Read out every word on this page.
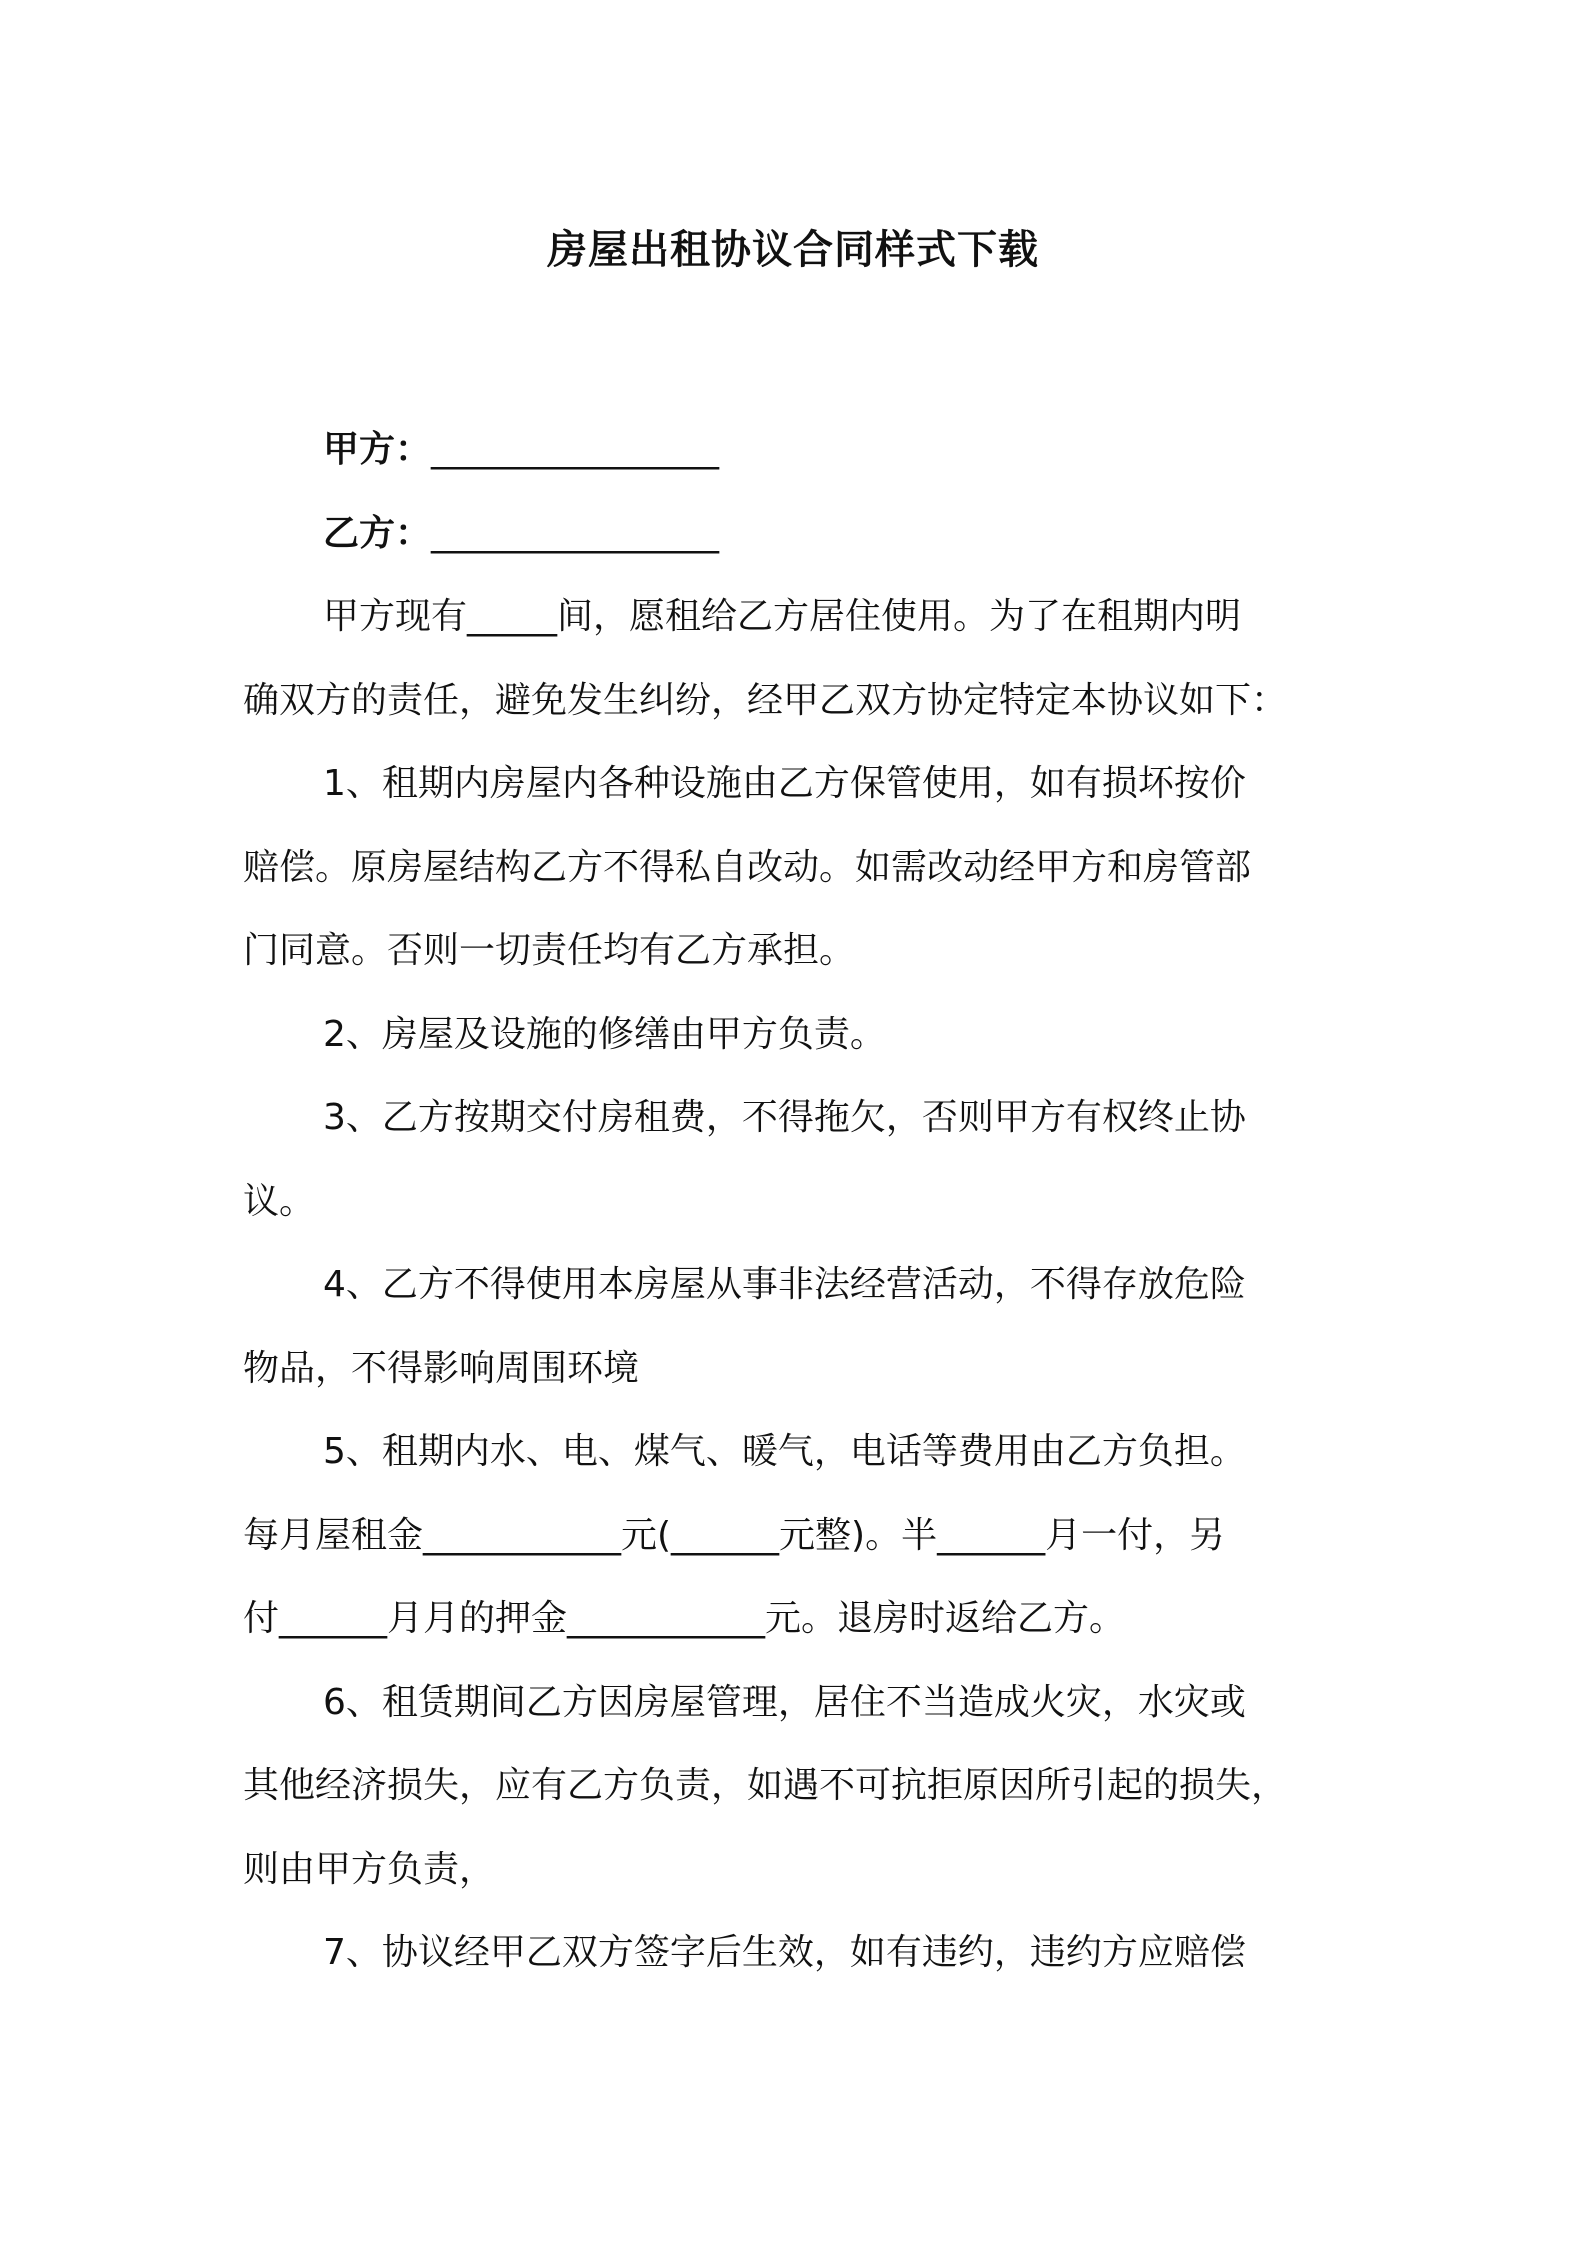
房屋出租协议合同样式下载

甲方：________________

乙方：________________

甲方现有_____间，愿租给乙方居住使用。为了在租期内明

确双方的责任，避免发生纠纷，经甲乙双方协定特定本协议如下：

1、租期内房屋内各种设施由乙方保管使用，如有损坏按价

赔偿。原房屋结构乙方不得私自改动。如需改动经甲方和房管部

门同意。否则一切责任均有乙方承担。

2、房屋及设施的修缮由甲方负责。

3、乙方按期交付房租费，不得拖欠，否则甲方有权终止协

议。

4、乙方不得使用本房屋从事非法经营活动，不得存放危险

物品，不得影响周围环境

5、租期内水、电、煤气、暖气，电话等费用由乙方负担。

每月屋租金___________元(______元整)。半______月一付，另

付______月月的押金___________元。退房时返给乙方。

6、租赁期间乙方因房屋管理，居住不当造成火灾，水灾或

其他经济损失，应有乙方负责，如遇不可抗拒原因所引起的损失，

则由甲方负责，

7、协议经甲乙双方签字后生效，如有违约，违约方应赔偿
